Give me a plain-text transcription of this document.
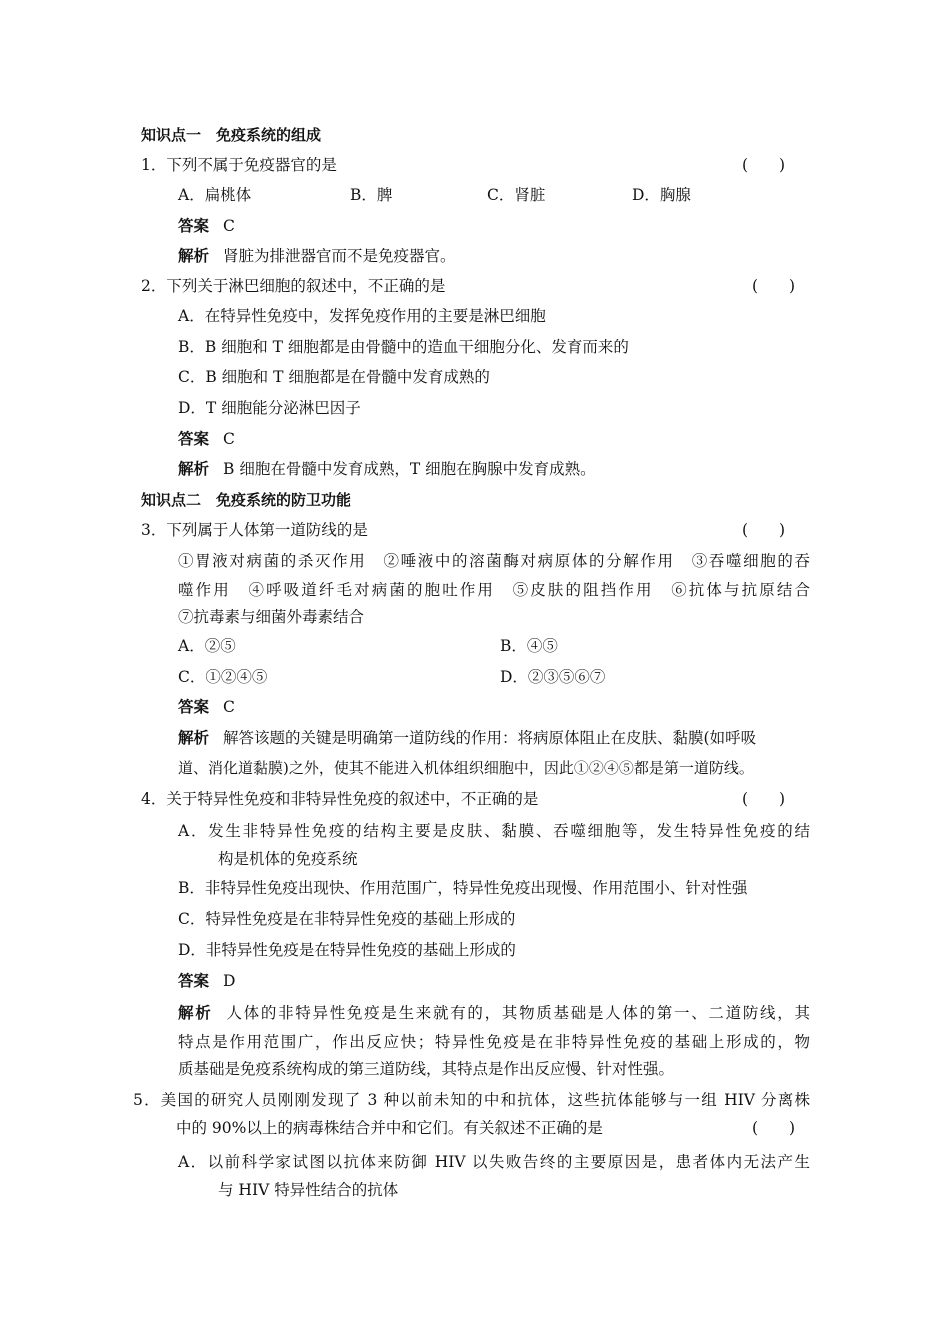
知识点一　免疫系统的组成
1．下列不属于免疫器官的是	(　　)
A．扁桃体	B．脾	C．肾脏	D．胸腺
答案 C
解析 肾脏为排泄器官而不是免疫器官。
2．下列关于淋巴细胞的叙述中，不正确的是	(　　)
A．在特异性免疫中，发挥免疫作用的主要是淋巴细胞
B．B 细胞和 T 细胞都是由骨髓中的造血干细胞分化、发育而来的
C．B 细胞和 T 细胞都是在骨髓中发育成熟的
D．T 细胞能分泌淋巴因子
答案 C
解析 B 细胞在骨髓中发育成熟，T 细胞在胸腺中发育成熟。
知识点二　免疫系统的防卫功能
3．下列属于人体第一道防线的是	(　　)
①胃液对病菌的杀灭作用　②唾液中的溶菌酶对病原体的分解作用　③吞噬细胞的吞
噬作用　④呼吸道纤毛对病菌的胞吐作用　⑤皮肤的阻挡作用　⑥抗体与抗原结合
⑦抗毒素与细菌外毒素结合
A．②⑤	B．④⑤
C．①②④⑤	D．②③⑤⑥⑦
答案 C
解析 解答该题的关键是明确第一道防线的作用：将病原体阻止在皮肤、黏膜(如呼吸
道、消化道黏膜)之外，使其不能进入机体组织细胞中，因此①②④⑤都是第一道防线。
4．关于特异性免疫和非特异性免疫的叙述中，不正确的是	(　　)
A．发生非特异性免疫的结构主要是皮肤、黏膜、吞噬细胞等，发生特异性免疫的结
构是机体的免疫系统
B．非特异性免疫出现快、作用范围广，特异性免疫出现慢、作用范围小、针对性强
C．特异性免疫是在非特异性免疫的基础上形成的
D．非特异性免疫是在特异性免疫的基础上形成的
答案 D
解析 人体的非特异性免疫是生来就有的，其物质基础是人体的第一、二道防线，其
特点是作用范围广，作出反应快；特异性免疫是在非特异性免疫的基础上形成的，物
质基础是免疫系统构成的第三道防线，其特点是作出反应慢、针对性强。
5．美国的研究人员刚刚发现了 3 种以前未知的中和抗体，这些抗体能够与一组 HIV 分离株
中的 90%以上的病毒株结合并中和它们。有关叙述不正确的是	(　　)
A．以前科学家试图以抗体来防御 HIV 以失败告终的主要原因是，患者体内无法产生
与 HIV 特异性结合的抗体
